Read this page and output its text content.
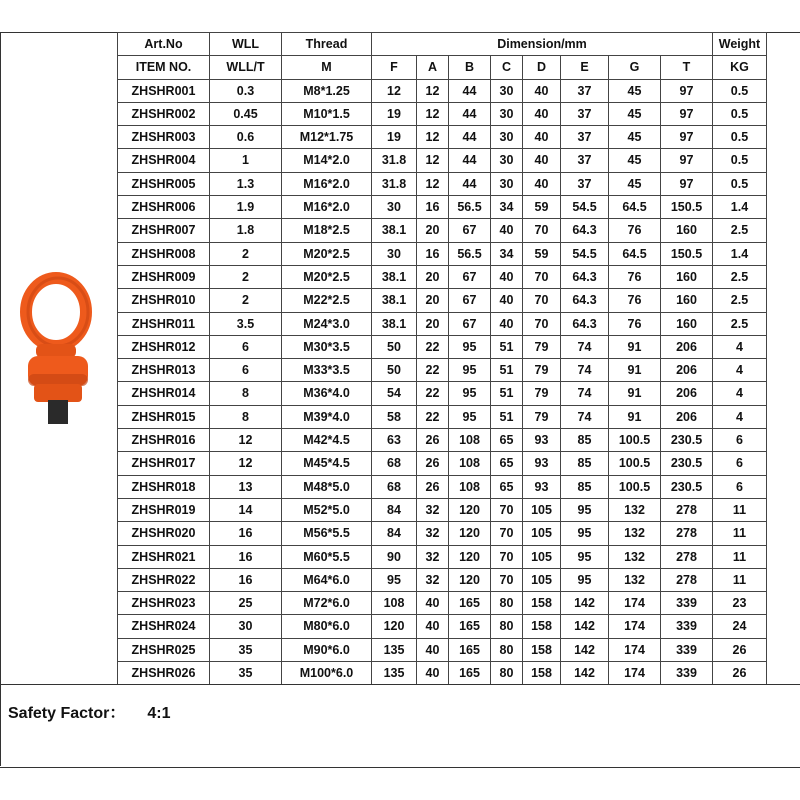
Art.No	WLL	Thread	Dimension/mm								Weight
ITEM NO.	WLL/T	M	F	A	B	C	D	E	G	T	KG
ZHSHR001	0.3	M8*1.25	12	12	44	30	40	37	45	97	0.5
ZHSHR002	0.45	M10*1.5	19	12	44	30	40	37	45	97	0.5
ZHSHR003	0.6	M12*1.75	19	12	44	30	40	37	45	97	0.5
ZHSHR004	1	M14*2.0	31.8	12	44	30	40	37	45	97	0.5
ZHSHR005	1.3	M16*2.0	31.8	12	44	30	40	37	45	97	0.5
ZHSHR006	1.9	M16*2.0	30	16	56.5	34	59	54.5	64.5	150.5	1.4
ZHSHR007	1.8	M18*2.5	38.1	20	67	40	70	64.3	76	160	2.5
ZHSHR008	2	M20*2.5	30	16	56.5	34	59	54.5	64.5	150.5	1.4
ZHSHR009	2	M20*2.5	38.1	20	67	40	70	64.3	76	160	2.5
ZHSHR010	2	M22*2.5	38.1	20	67	40	70	64.3	76	160	2.5
ZHSHR011	3.5	M24*3.0	38.1	20	67	40	70	64.3	76	160	2.5
ZHSHR012	6	M30*3.5	50	22	95	51	79	74	91	206	4
ZHSHR013	6	M33*3.5	50	22	95	51	79	74	91	206	4
ZHSHR014	8	M36*4.0	54	22	95	51	79	74	91	206	4
ZHSHR015	8	M39*4.0	58	22	95	51	79	74	91	206	4
ZHSHR016	12	M42*4.5	63	26	108	65	93	85	100.5	230.5	6
ZHSHR017	12	M45*4.5	68	26	108	65	93	85	100.5	230.5	6
ZHSHR018	13	M48*5.0	68	26	108	65	93	85	100.5	230.5	6
ZHSHR019	14	M52*5.0	84	32	120	70	105	95	132	278	11
ZHSHR020	16	M56*5.5	84	32	120	70	105	95	132	278	11
ZHSHR021	16	M60*5.5	90	32	120	70	105	95	132	278	11
ZHSHR022	16	M64*6.0	95	32	120	70	105	95	132	278	11
ZHSHR023	25	M72*6.0	108	40	165	80	158	142	174	339	23
ZHSHR024	30	M80*6.0	120	40	165	80	158	142	174	339	24
ZHSHR025	35	M90*6.0	135	40	165	80	158	142	174	339	26
ZHSHR026	35	M100*6.0	135	40	165	80	158	142	174	339	26
Safety Factor： 4:1
